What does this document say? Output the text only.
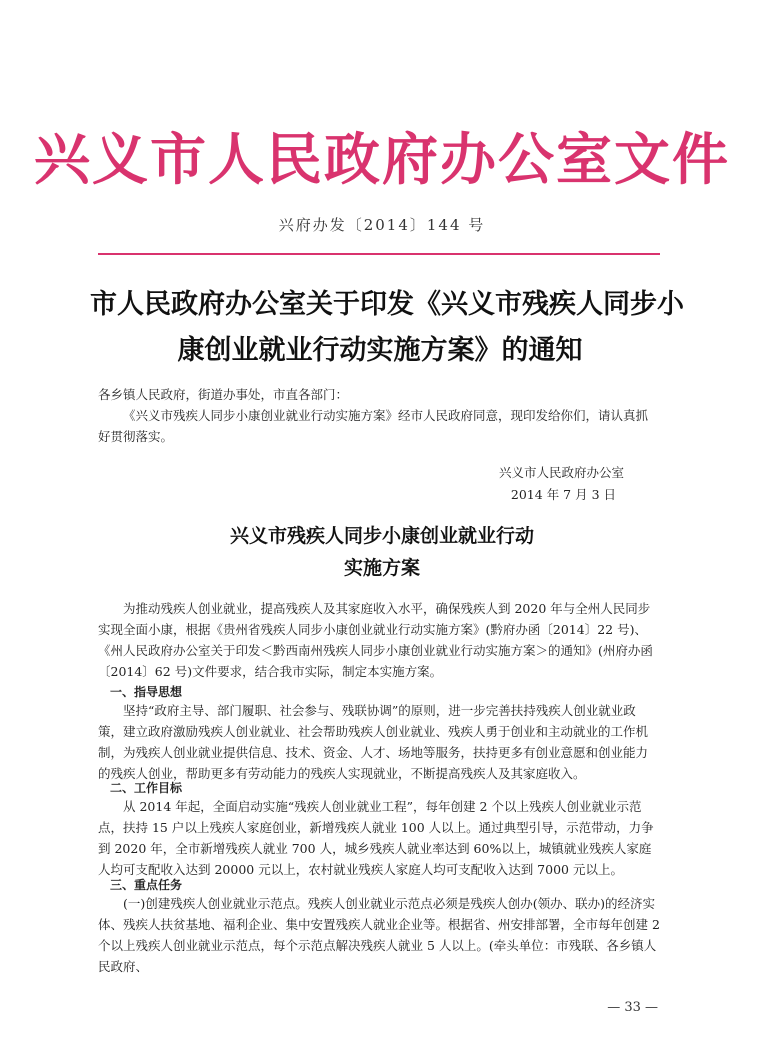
兴义市人民政府办公室文件
兴府办发〔2014〕144 号
市人民政府办公室关于印发《兴义市残疾人同步小
康创业就业行动实施方案》的通知
各乡镇人民政府，街道办事处，市直各部门：
《兴义市残疾人同步小康创业就业行动实施方案》经市人民政府同意，现印发给你们，请认真抓好贯彻落实。
兴义市人民政府办公室
2014 年 7 月 3 日
兴义市残疾人同步小康创业就业行动
实施方案
为推动残疾人创业就业，提高残疾人及其家庭收入水平，确保残疾人到 2020 年与全州人民同步实现全面小康，根据《贵州省残疾人同步小康创业就业行动实施方案》(黔府办函〔2014〕22 号)、《州人民政府办公室关于印发＜黔西南州残疾人同步小康创业就业行动实施方案＞的通知》(州府办函〔2014〕62 号)文件要求，结合我市实际，制定本实施方案。
一、指导思想
坚持“政府主导、部门履职、社会参与、残联协调”的原则，进一步完善扶持残疾人创业就业政策，建立政府激励残疾人创业就业、社会帮助残疾人创业就业、残疾人勇于创业和主动就业的工作机制，为残疾人创业就业提供信息、技术、资金、人才、场地等服务，扶持更多有创业意愿和创业能力的残疾人创业，帮助更多有劳动能力的残疾人实现就业，不断提高残疾人及其家庭收入。
二、工作目标
从 2014 年起，全面启动实施“残疾人创业就业工程”，每年创建 2 个以上残疾人创业就业示范点，扶持 15 户以上残疾人家庭创业，新增残疾人就业 100 人以上。通过典型引导，示范带动，力争到 2020 年，全市新增残疾人就业 700 人，城乡残疾人就业率达到 60%以上，城镇就业残疾人家庭人均可支配收入达到 20000 元以上，农村就业残疾人家庭人均可支配收入达到 7000 元以上。
三、重点任务
(一)创建残疾人创业就业示范点。残疾人创业就业示范点必须是残疾人创办(领办、联办)的经济实体、残疾人扶贫基地、福利企业、集中安置残疾人就业企业等。根据省、州安排部署，全市每年创建 2 个以上残疾人创业就业示范点，每个示范点解决残疾人就业 5 人以上。(牵头单位：市残联、各乡镇人民政府、
— 33 —
